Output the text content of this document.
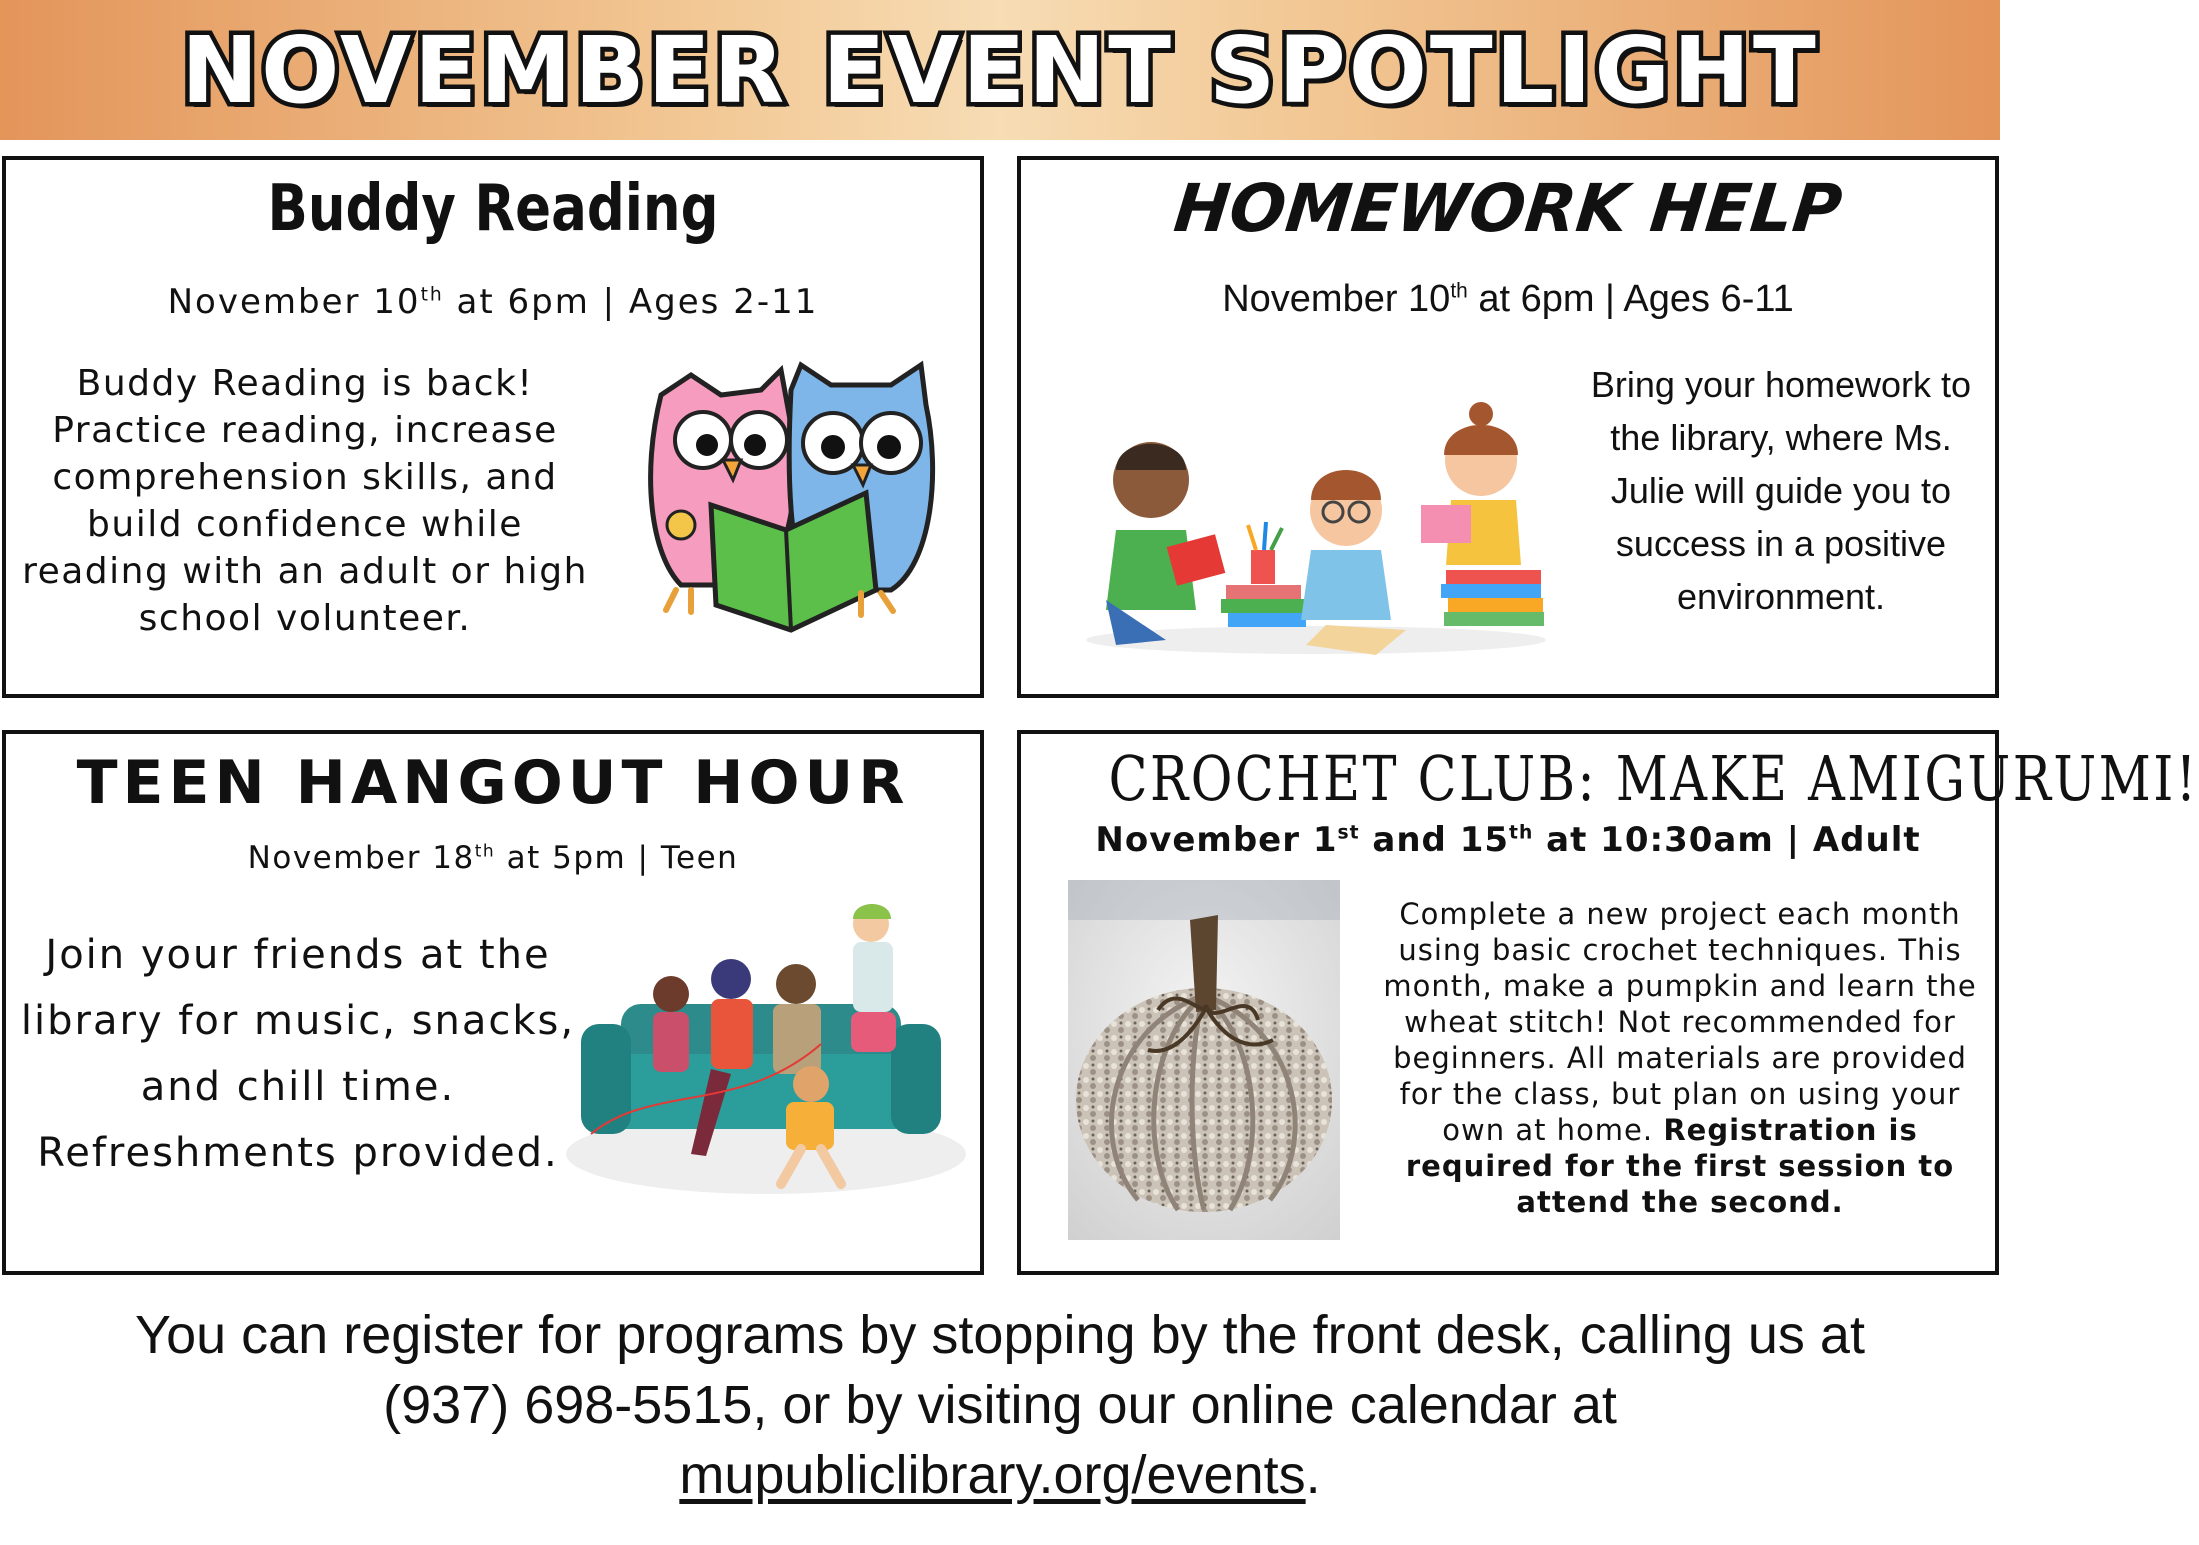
NOVEMBER EVENT SPOTLIGHT
Buddy Reading
November 10th at 6pm | Ages 2-11
Buddy Reading is back! Practice reading, increase comprehension skills, and build confidence while reading with an adult or high school volunteer.
HOMEWORK HELP
November 10th at 6pm | Ages 6-11
Bring your homework to the library, where Ms. Julie will guide you to success in a positive environment.
TEEN HANGOUT HOUR
November 18th at 5pm | Teen
Join your friends at the library for music, snacks, and chill time. Refreshments provided.
CROCHET CLUB: MAKE AMIGURUMI!
November 1st and 15th at 10:30am | Adult
Complete a new project each month using basic crochet techniques. This month, make a pumpkin and learn the wheat stitch! Not recommended for beginners. All materials are provided for the class, but plan on using your own at home. Registration is required for the first session to attend the second.
You can register for programs by stopping by the front desk, calling us at
(937) 698-5515, or by visiting our online calendar at
mupubliclibrary.org/events.
